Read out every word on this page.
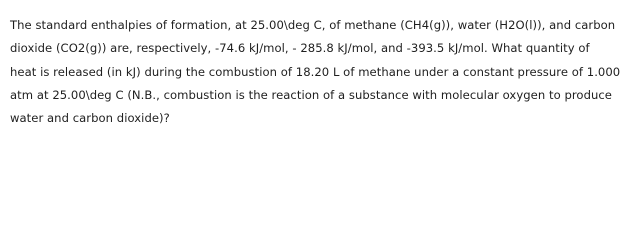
The standard enthalpies of formation, at 25.00\deg C, of methane (CH4(g)), water (H2O(l)), and carbon
dioxide (CO2(g)) are, respectively, -74.6 kJ/mol, - 285.8 kJ/mol, and -393.5 kJ/mol. What quantity of
heat is released (in kJ) during the combustion of 18.20 L of methane under a constant pressure of 1.000
atm at 25.00\deg C (N.B., combustion is the reaction of a substance with molecular oxygen to produce
water and carbon dioxide)?
